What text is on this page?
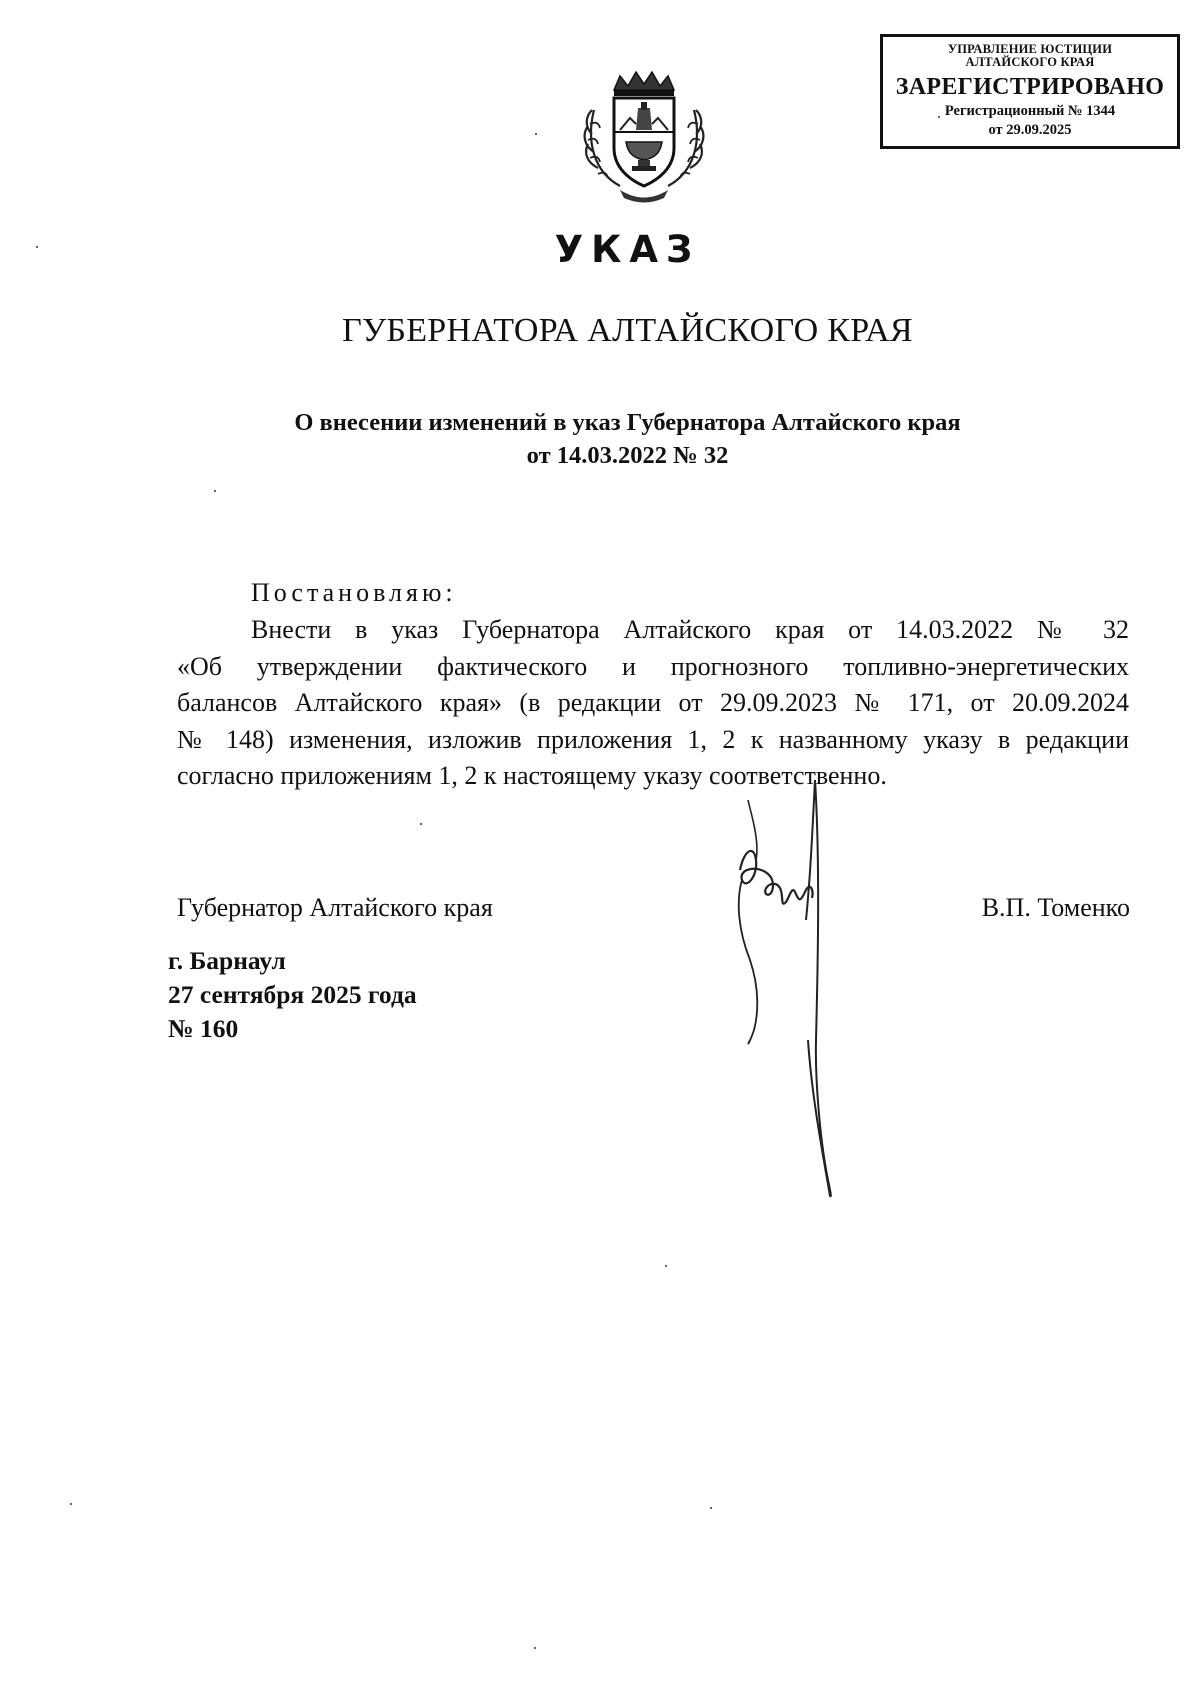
УПРАВЛЕНИЕ ЮСТИЦИИ
АЛТАЙСКОГО КРАЯ
ЗАРЕГИСТРИРОВАНО
Регистрационный № 1344
от 29.09.2025
УКАЗ
ГУБЕРНАТОРА АЛТАЙСКОГО КРАЯ
О внесении изменений в указ Губернатора Алтайского края
от 14.03.2022 № 32
Постановляю:
Внести в указ Губернатора Алтайского края от 14.03.2022 № 32
«Об утверждении фактического и прогнозного топливно-энергетических
балансов Алтайского края» (в редакции от 29.09.2023 № 171, от 20.09.2024
№ 148) изменения, изложив приложения 1, 2 к названному указу в редакции
согласно приложениям 1, 2 к настоящему указу соответственно.
Губернатор Алтайского края	В.П. Томенко
г. Барнаул
27 сентября 2025 года
№ 160
